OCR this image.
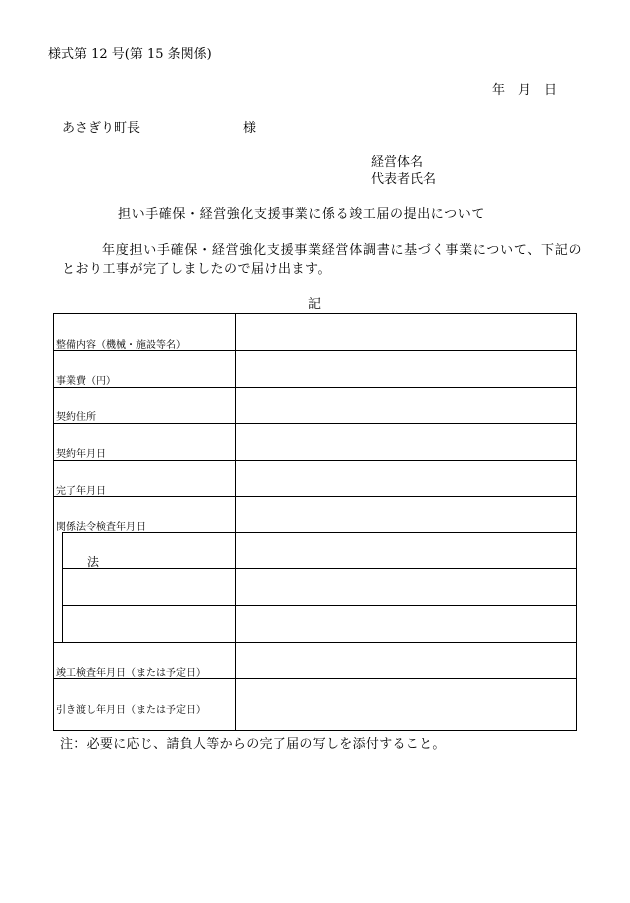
様式第 12 号(第 15 条関係)
年　月　日
あさぎり町長	様
経営体名
代表者氏名
担い手確保・経営強化支援事業に係る竣工届の提出について
年度担い手確保・経営強化支援事業経営体調書に基づく事業について、下記のとおり工事が完了しましたので届け出ます。
記
整備内容（機械・施設等名）
事業費（円）
契約住所
契約年月日
完了年月日
関係法令検査年月日
法
竣工検査年月日（または予定日）
引き渡し年月日（または予定日）
注：必要に応じ、請負人等からの完了届の写しを添付すること。
